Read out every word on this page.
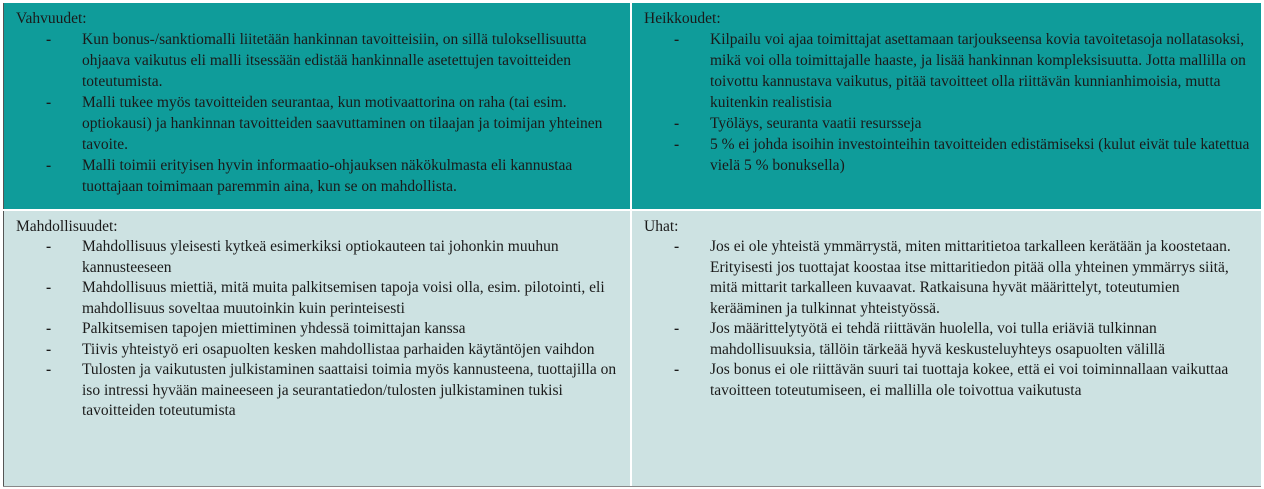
Vahvuudet:
- Kun bonus-/sanktiomalli liitetään hankinnan tavoitteisiin, on sillä tuloksellisuutta ohjaava vaikutus eli malli itsessään edistää hankinnalle asetettujen tavoitteiden toteutumista.
- Malli tukee myös tavoitteiden seurantaa, kun motivaattorina on raha (tai esim. optiokausi) ja hankinnan tavoitteiden saavuttaminen on tilaajan ja toimijan yhteinen tavoite.
- Malli toimii erityisen hyvin informaatio-ohjauksen näkökulmasta eli kannustaa tuottajaan toimimaan paremmin aina, kun se on mahdollista.
Heikkoudet:
- Kilpailu voi ajaa toimittajat asettamaan tarjoukseensa kovia tavoitetasoja nollatasoksi, mikä voi olla toimittajalle haaste, ja lisää hankinnan kompleksisuutta. Jotta mallilla on toivottu kannustava vaikutus, pitää tavoitteet olla riittävän kunnianhimoisia, mutta kuitenkin realistisia
- Työläys, seuranta vaatii resursseja
- 5 % ei johda isoihin investointeihin tavoitteiden edistämiseksi (kulut eivät tule katettua vielä 5 % bonuksella)
Mahdollisuudet:
- Mahdollisuus yleisesti kytkeä esimerkiksi optiokauteen tai johonkin muuhun kannusteeseen
- Mahdollisuus miettiä, mitä muita palkitsemisen tapoja voisi olla, esim. pilotointi, eli mahdollisuus soveltaa muutoinkin kuin perinteisesti
- Palkitsemisen tapojen miettiminen yhdessä toimittajan kanssa
- Tiivis yhteistyö eri osapuolten kesken mahdollistaa parhaiden käytäntöjen vaihdon
- Tulosten ja vaikutusten julkistaminen saattaisi toimia myös kannusteena, tuottajilla on iso intressi hyvään maineeseen ja seurantatiedon/tulosten julkistaminen tukisi tavoitteiden toteutumista
Uhat:
- Jos ei ole yhteistä ymmärrystä, miten mittaritietoa tarkalleen kerätään ja koostetaan. Erityisesti jos tuottajat koostaa itse mittaritiedon pitää olla yhteinen ymmärrys siitä, mitä mittarit tarkalleen kuvaavat. Ratkaisuna hyvät määrittelyt, toteutumien kerääminen ja tulkinnat yhteistyössä.
- Jos määrittelytyötä ei tehdä riittävän huolella, voi tulla eriäviä tulkinnan mahdollisuuksia, tällöin tärkeää hyvä keskusteluyhteys osapuolten välillä
- Jos bonus ei ole riittävän suuri tai tuottaja kokee, että ei voi toiminnallaan vaikuttaa tavoitteen toteutumiseen, ei mallilla ole toivottua vaikutusta
